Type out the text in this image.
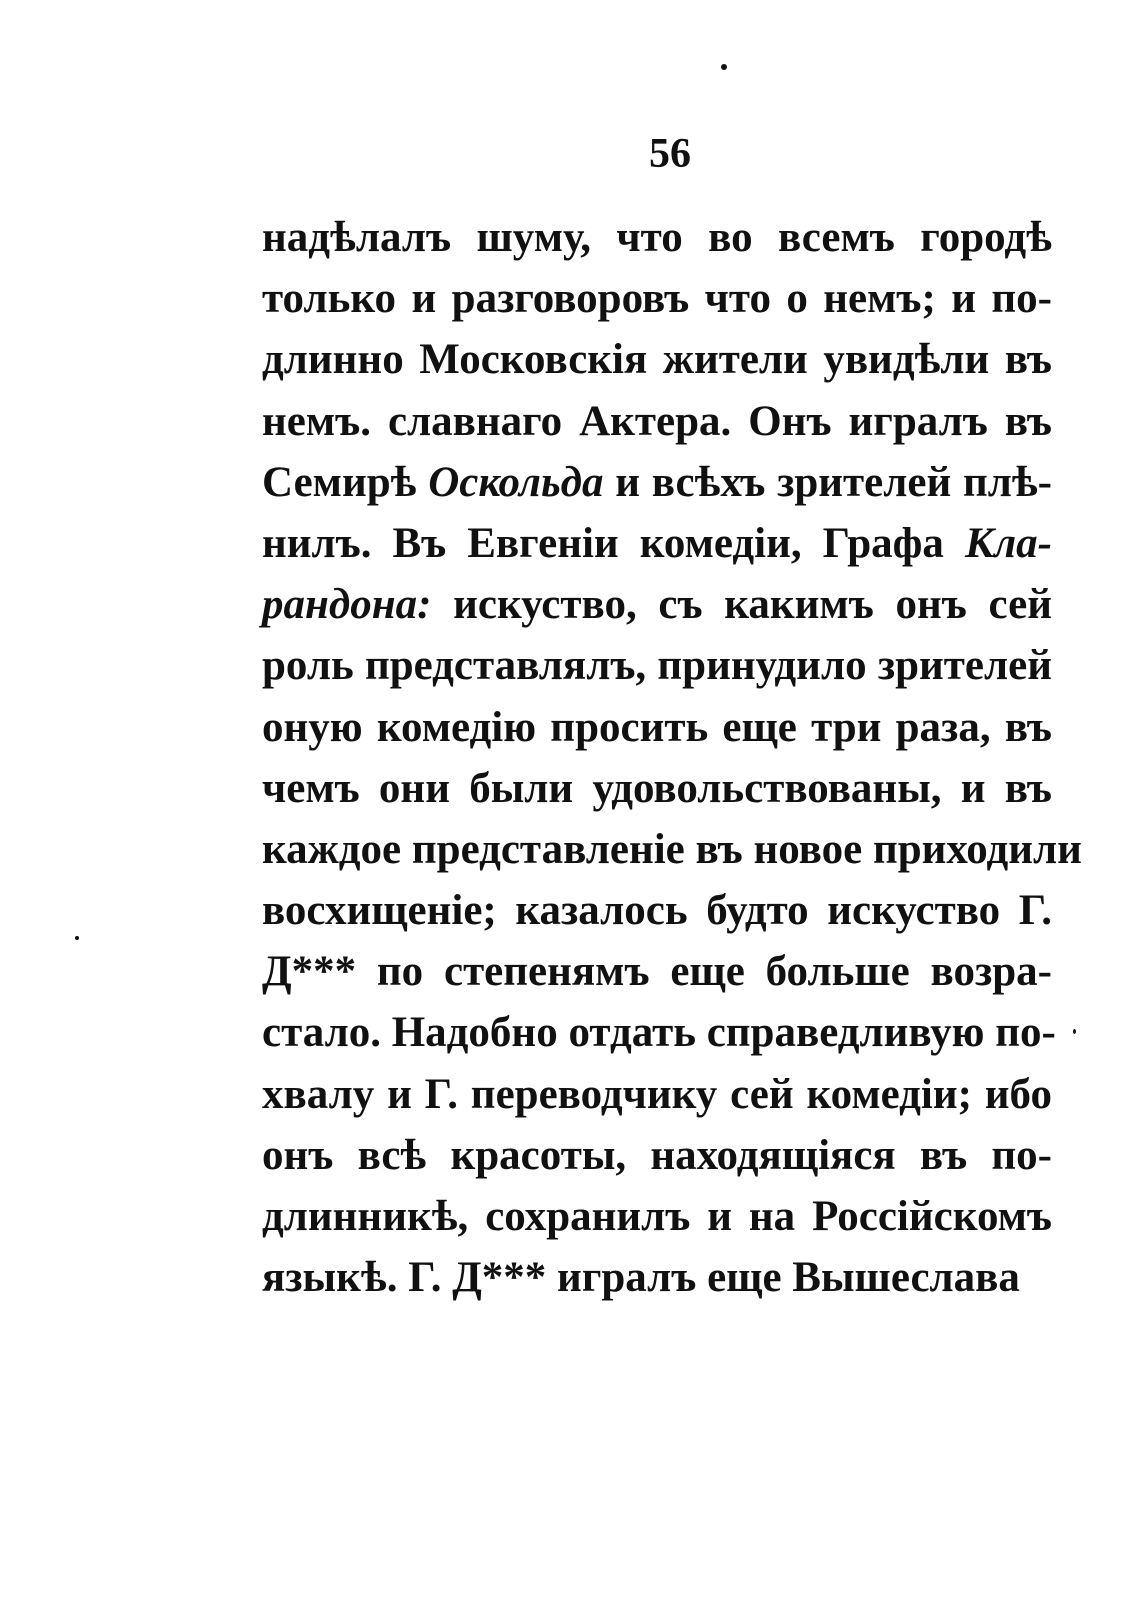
56
надѣлалъ шуму, что во всемъ городѣ
только и разговоровъ что о немъ; и по-
длинно Московскія жители увидѣли въ
немъ. славнаго Актера. Онъ игралъ въ
Семирѣ Оскольда и всѣхъ зрителей плѣ-
нилъ. Въ Евгеніи комедіи, Графа Кла-
рандона: искуство, съ какимъ онъ сей
роль представлялъ, принудило зрителей
оную комедію просить еще три раза, въ
чемъ они были удовольствованы, и въ
каждое представленіе въ новое приходили
восхищеніе; казалось будто искуство Г.
Д*** по степенямъ еще больше возра-
стало. Надобно отдать справедливую по-
хвалу и Г. переводчику сей комедіи; ибо
онъ всѣ красоты, находящіяся въ по-
длинникѣ, сохранилъ и на Россійскомъ
языкѣ. Г. Д*** игралъ еще Вышеслава
